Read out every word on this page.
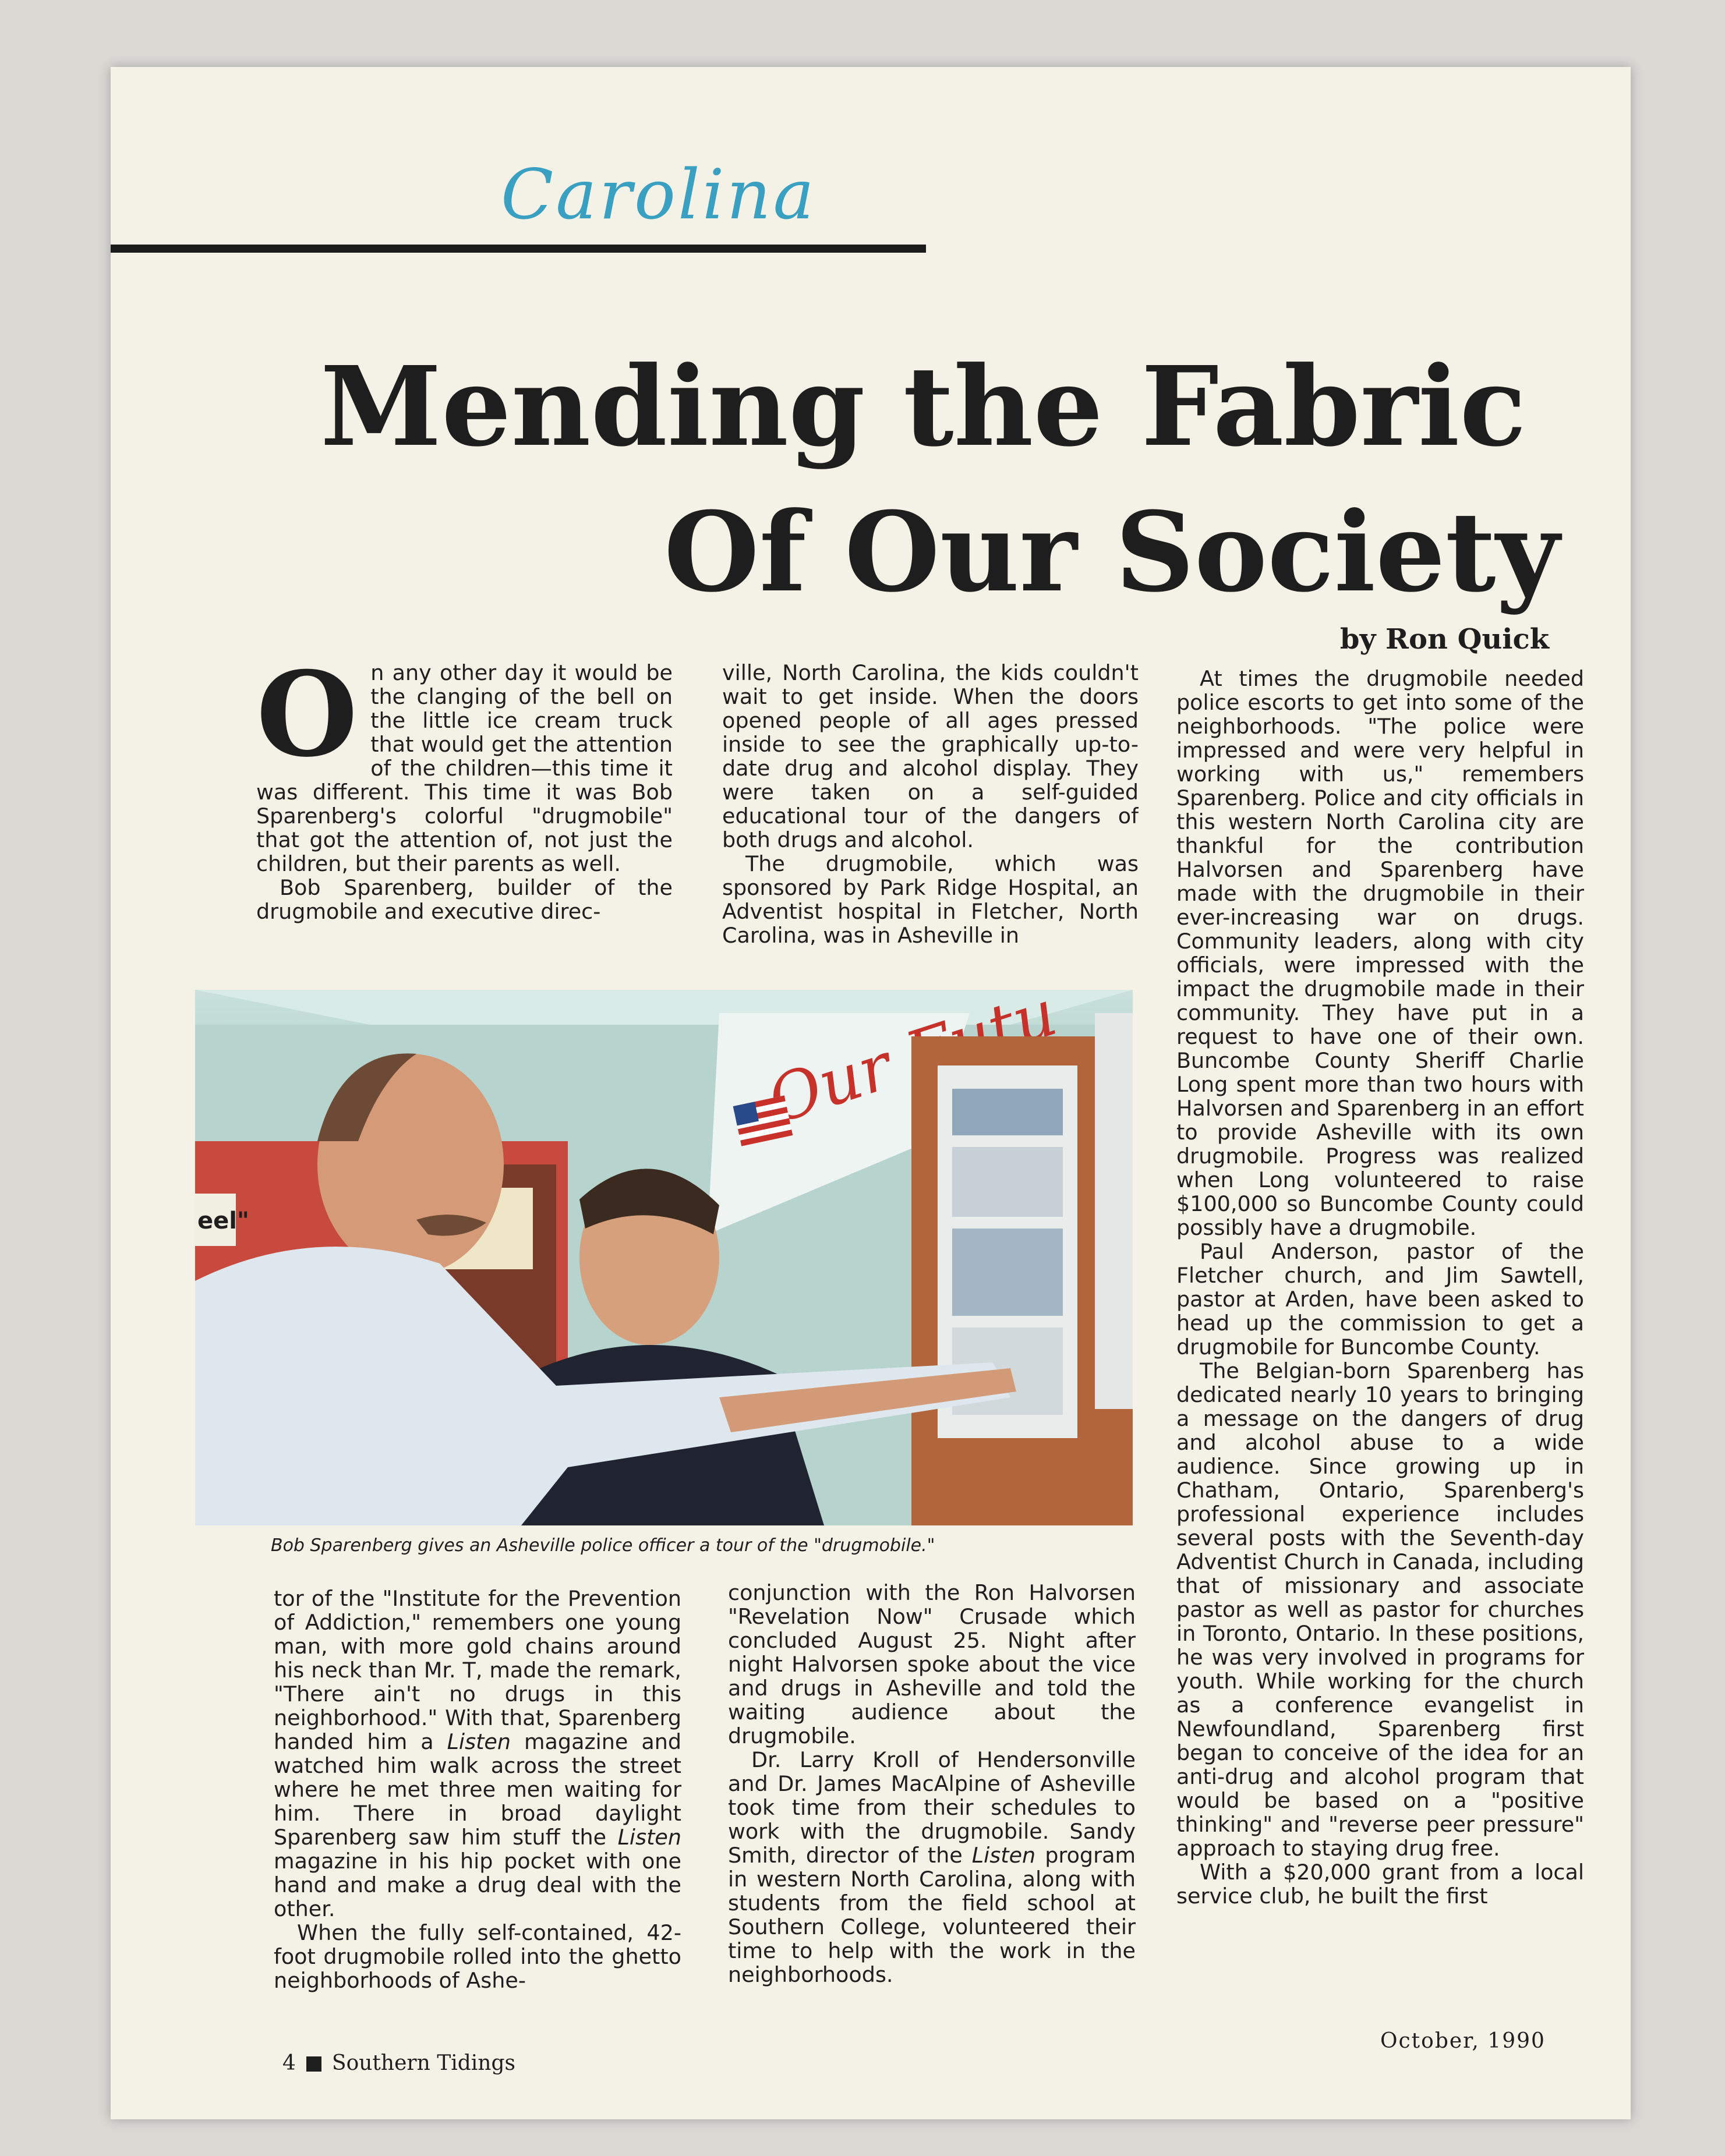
Carolina
Mending the Fabric
Of Our Society
by Ron Quick

On any other day it would be the clanging of the bell on the little ice cream truck that would get the attention of the children—this time it was different. This time it was Bob Sparenberg's colorful "drugmobile" that got the attention of, not just the children, but their parents as well.

Bob Sparenberg, builder of the drugmobile and executive direc-

ville, North Carolina, the kids couldn't wait to get inside. When the doors opened people of all ages pressed inside to see the graphically up-to-date drug and alcohol display. They were taken on a self-guided educational tour of the dangers of both drugs and alcohol.

The drugmobile, which was sponsored by Park Ridge Hospital, an Adventist hospital in Fletcher, North Carolina, was in Asheville in

At times the drugmobile needed police escorts to get into some of the neighborhoods. "The police were impressed and were very helpful in working with us," remembers Sparenberg. Police and city officials in this western North Carolina city are thankful for the contribution Halvorsen and Sparenberg have made with the drugmobile in their ever-increasing war on drugs. Community leaders, along with city officials, were impressed with the impact the drugmobile made in their community. They have put in a request to have one of their own. Buncombe County Sheriff Charlie Long spent more than two hours with Halvorsen and Sparenberg in an effort to provide Asheville with its own drugmobile. Progress was realized when Long volunteered to raise $100,000 so Buncombe County could possibly have a drugmobile.

Paul Anderson, pastor of the Fletcher church, and Jim Sawtell, pastor at Arden, have been asked to head up the commission to get a drugmobile for Buncombe County.

The Belgian-born Sparenberg has dedicated nearly 10 years to bringing a message on the dangers of drug and alcohol abuse to a wide audience. Since growing up in Chatham, Ontario, Sparenberg's professional experience includes several posts with the Seventh-day Adventist Church in Canada, including that of missionary and associate pastor as well as pastor for churches in Toronto, Ontario. In these positions, he was very involved in programs for youth. While working for the church as a conference evangelist in Newfoundland, Sparenberg first began to conceive of the idea for an anti-drug and alcohol program that would be based on a "positive thinking" and "reverse peer pressure" approach to staying drug free.

With a $20,000 grant from a local service club, he built the first

eel"
Our
Bob Sparenberg gives an Asheville police officer a tour of the "drugmobile."

tor of the "Institute for the Prevention of Addiction," remembers one young man, with more gold chains around his neck than Mr. T, made the remark, "There ain't no drugs in this neighborhood." With that, Sparenberg handed him a Listen magazine and watched him walk across the street where he met three men waiting for him. There in broad daylight Sparenberg saw him stuff the Listen magazine in his hip pocket with one hand and make a drug deal with the other.

When the fully self-contained, 42-foot drugmobile rolled into the ghetto neighborhoods of Ashe-

conjunction with the Ron Halvorsen "Revelation Now" Crusade which concluded August 25. Night after night Halvorsen spoke about the vice and drugs in Asheville and told the waiting audience about the drugmobile.

Dr. Larry Kroll of Hendersonville and Dr. James MacAlpine of Asheville took time from their schedules to work with the drugmobile. Sandy Smith, director of the Listen program in western North Carolina, along with students from the field school at Southern College, volunteered their time to help with the work in the neighborhoods.

4 Southern Tidings
October, 1990
